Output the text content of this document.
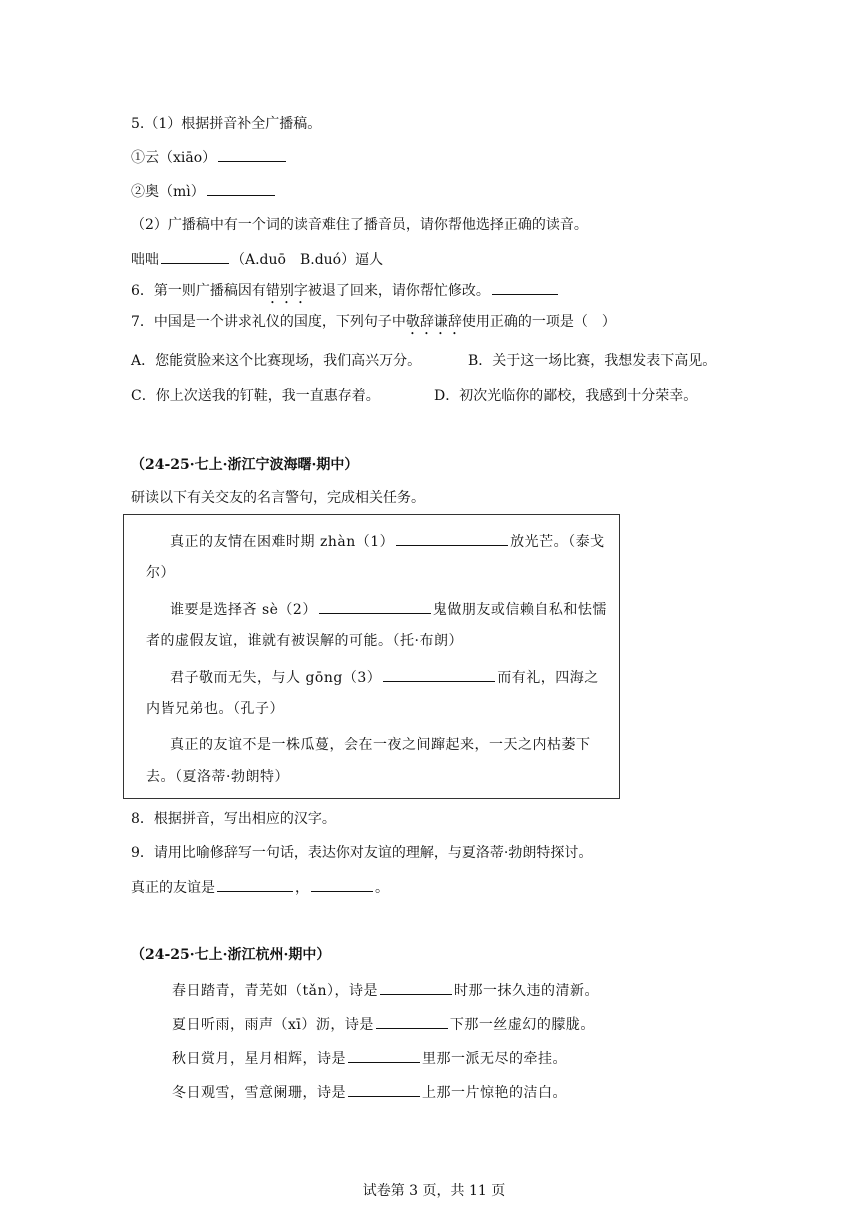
5.（1）根据拼音补全广播稿。
①云（xiāo）
②奥（mì）
（2）广播稿中有一个词的读音难住了播音员，请你帮他选择正确的读音。
咄咄	（A.duō　B.duó）逼人
6．第一则广播稿因有错别字被退了回来，请你帮忙修改。
7．中国是一个讲求礼仪的国度，下列句子中敬辞谦辞使用正确的一项是（　）
A．您能赏脸来这个比赛现场，我们高兴万分。	B．关于这一场比赛，我想发表下高见。
C．你上次送我的钉鞋，我一直惠存着。	D．初次光临你的鄙校，我感到十分荣幸。
（24-25·七上·浙江宁波海曙·期中）
研读以下有关交友的名言警句，完成相关任务。
真正的友情在困难时期 zhàn（1）	放光芒。（泰戈
尔）
谁要是选择吝 sè（2）	鬼做朋友或信赖自私和怯懦
者的虚假友谊，谁就有被误解的可能。（托·布朗）
君子敬而无失，与人 gōng（3）	而有礼，四海之
内皆兄弟也。（孔子）
真正的友谊不是一株瓜蔓，会在一夜之间蹿起来，一天之内枯萎下
去。（夏洛蒂·勃朗特）
8．根据拼音，写出相应的汉字。
9．请用比喻修辞写一句话，表达你对友谊的理解，与夏洛蒂·勃朗特探讨。
真正的友谊是	，	。
（24-25·七上·浙江杭州·期中）
春日踏青，青芜如（tǎn），诗是	时那一抹久违的清新。
夏日听雨，雨声（xī）沥，诗是	下那一丝虚幻的朦胧。
秋日赏月，星月相辉，诗是	里那一派无尽的牵挂。
冬日观雪，雪意阑珊，诗是	上那一片惊艳的洁白。
试卷第 3 页，共 11 页
